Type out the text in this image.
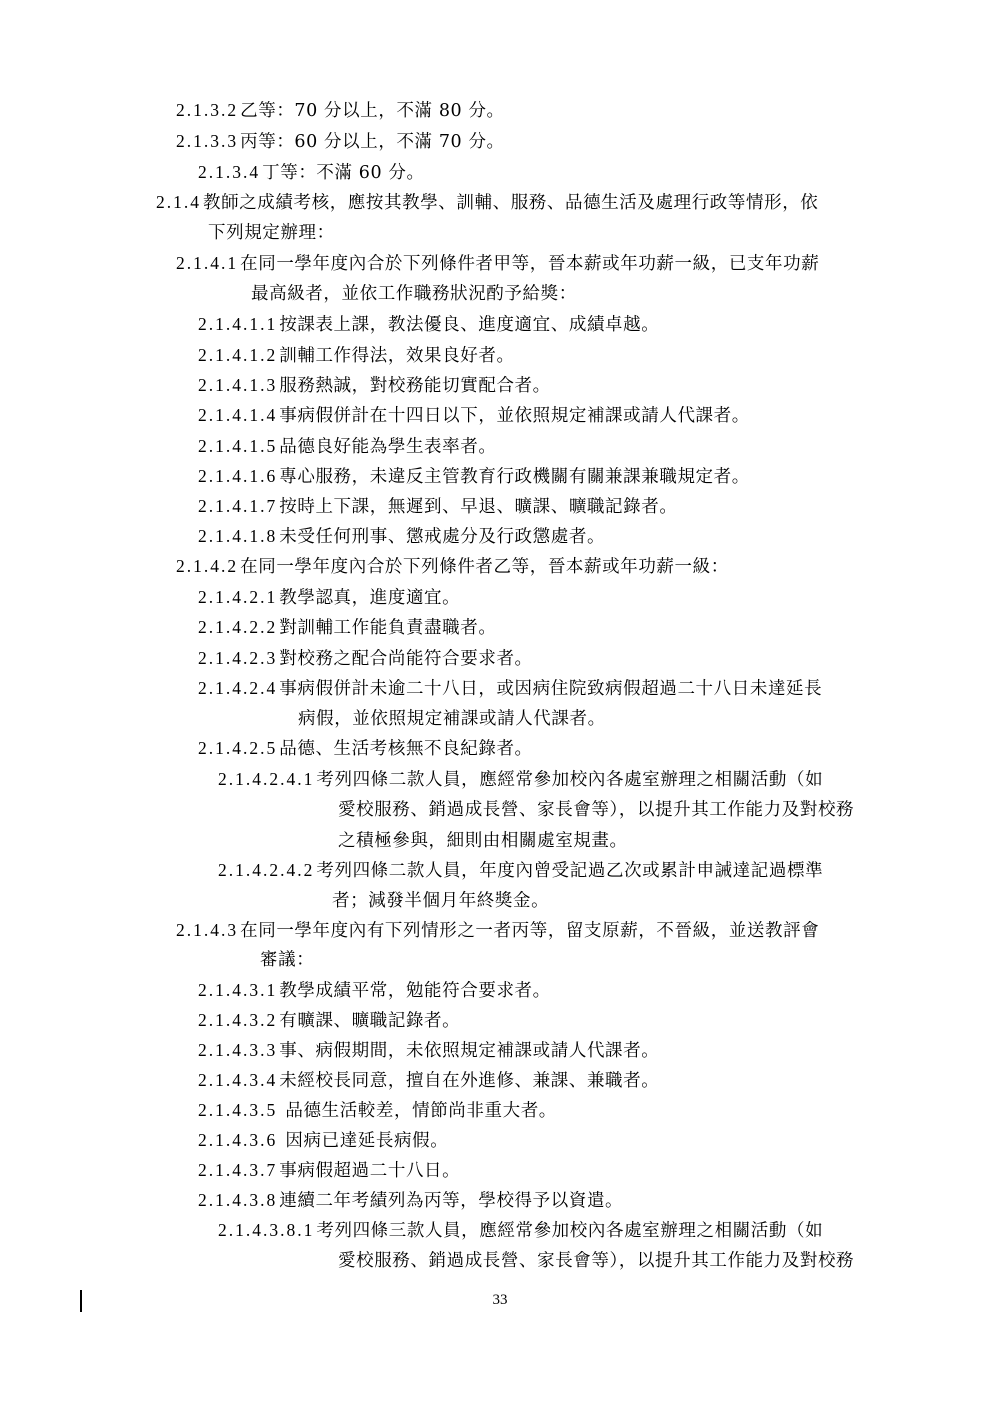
2.1.3.2 乙等：70 分以上，不滿 80 分。
2.1.3.3 丙等：60 分以上，不滿 70 分。
2.1.3.4 丁等：不滿 60 分。
2.1.4 教師之成績考核，應按其教學、訓輔、服務、品德生活及處理行政等情形，依
下列規定辦理：
2.1.4.1 在同一學年度內合於下列條件者甲等，晉本薪或年功薪一級，已支年功薪
最高級者，並依工作職務狀況酌予給獎：
2.1.4.1.1 按課表上課，教法優良、進度適宜、成績卓越。
2.1.4.1.2 訓輔工作得法，效果良好者。
2.1.4.1.3 服務熱誠，對校務能切實配合者。
2.1.4.1.4 事病假併計在十四日以下，並依照規定補課或請人代課者。
2.1.4.1.5 品德良好能為學生表率者。
2.1.4.1.6 專心服務，未違反主管教育行政機關有關兼課兼職規定者。
2.1.4.1.7 按時上下課，無遲到、早退、曠課、曠職記錄者。
2.1.4.1.8 未受任何刑事、懲戒處分及行政懲處者。
2.1.4.2 在同一學年度內合於下列條件者乙等，晉本薪或年功薪一級：
2.1.4.2.1 教學認真，進度適宜。
2.1.4.2.2 對訓輔工作能負責盡職者。
2.1.4.2.3 對校務之配合尚能符合要求者。
2.1.4.2.4 事病假併計未逾二十八日，或因病住院致病假超過二十八日未達延長
病假，並依照規定補課或請人代課者。
2.1.4.2.5 品德、生活考核無不良紀錄者。
2.1.4.2.4.1 考列四條二款人員，應經常參加校內各處室辦理之相關活動（如
愛校服務、銷過成長營、家長會等），以提升其工作能力及對校務
之積極參與，細則由相關處室規畫。
2.1.4.2.4.2 考列四條二款人員，年度內曾受記過乙次或累計申誡達記過標準
者；減發半個月年終獎金。
2.1.4.3 在同一學年度內有下列情形之一者丙等，留支原薪，不晉級，並送教評會
審議：
2.1.4.3.1 教學成績平常，勉能符合要求者。
2.1.4.3.2 有曠課、曠職記錄者。
2.1.4.3.3 事、病假期間，未依照規定補課或請人代課者。
2.1.4.3.4 未經校長同意，擅自在外進修、兼課、兼職者。
2.1.4.3.5 品德生活較差，情節尚非重大者。
2.1.4.3.6 因病已達延長病假。
2.1.4.3.7 事病假超過二十八日。
2.1.4.3.8 連續二年考績列為丙等，學校得予以資遣。
2.1.4.3.8.1 考列四條三款人員，應經常參加校內各處室辦理之相關活動（如
愛校服務、銷過成長營、家長會等），以提升其工作能力及對校務
33
